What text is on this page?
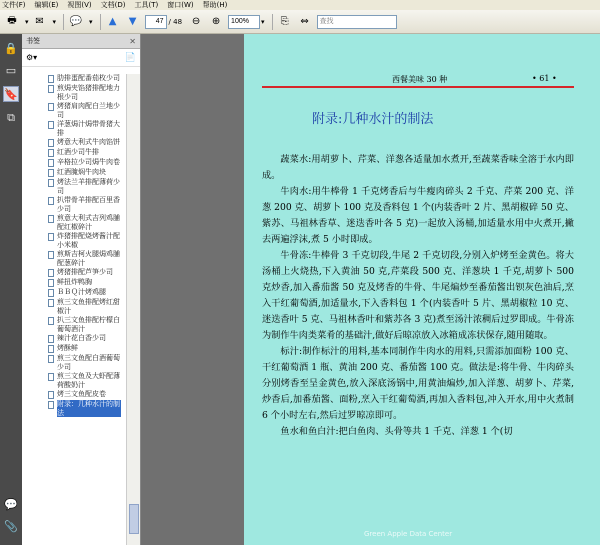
文件(F) 编辑(E) 视图(V) 文档(D) 工具(T) 窗口(W) 帮助(H)
🖶	▾ ✉	▾ 💬 ▾	▲	▼
47	/ 48 ⊖	⊕
100%	▾	⎘	⇔
查找
🔒
▭
🔖
⧉
💬
📎
书签	✕
⚙▾	📄
肋排蛋配番茄枚少司
煎焗夹馅猪排配地力根少司
烤猪肩肉配白兰地少司
洋葱焗汁焗带骨猪大排
烤意大利式牛肉馅饼
红酒少司牛排
辛格拉少司焗牛肉卷
红酒腌焖牛肉块
烤法兰羊排配薄荷少司
扒带骨羊排配百里香少司
煎意大利式吉列鸡脯配红椒碎汁
炸猪排配烧烤酱汁配小米椒
煎斯吉柯火腿焗鸡脯配葱碎汁
烤猪排配芦笋少司
鲜扭炸鸭胸
ＢＢＱ汁烤鸡腿
煎三文鱼排配烤红甜椒汁
扒三文鱼排配柠檬白葡萄酒汁
辣汁花白香少司
烤酥鲜
煎三文鱼配白酒葡萄少司
煎三文鱼及大虾配薄荷酸奶汁
烤三文鱼配皮卷
附录：几种水汁的制法
西餐美味 30 种	• 61 •
附录:几种水汁的制法

蔬菜水:用胡萝卜、芹菜、洋葱各适量加水煮开,至蔬菜香味全溶于水内即成。

牛肉水:用牛棒骨 1 千克烤香后与牛瘦肉碎头 2 千克、芹菜 200 克、洋葱 200 克、胡萝卜 100 克及香料包 1 个(内装香叶 2 片、黑胡椒碎 50 克、紫苏、马祖林香草、迷迭香叶各 5 克)一起放入汤桶,加适量水用中火煮开,撇去两遍浮沫,煮 5 小时即成。

牛骨冻:牛棒骨 3 千克切段,牛尾 2 千克切段,分别入炉烤至金黄色。将大汤桶上火烧热,下入黄油 50 克,芹菜段 500 克、洋葱块 1 千克,胡萝卜 500 克炒香,加入番茄酱 50 克及烤香的牛骨、牛尾煸炒至番茄酱出钡灰色油后,烹入干红葡萄酒,加适量水,下入香料包 1 个(内装香叶 5 片、黑胡椒粒 10 克、迷迭香叶 5 克、马祖林香叶和紫苏各 3 克)煮至汤汁浓稠后过罗即成。牛骨冻为制作牛肉类菜肴的基础汁,做好后晾凉放入冰箱成冻状保存,随用随取。

标汁:制作标汁的用料,基本同制作牛肉水的用料,只需添加面粉 100 克、干红葡萄酒 1 瓶、黄油 200 克、番茄酱 100 克。做法是:将牛骨、牛肉碎头分别烤香至呈金黄色,放入深底汤锅中,用黄油煸炒,加入洋葱、胡萝卜、芹菜,炒香后,加番茄酱、面粉,烹入干红葡萄酒,再加入香料包,冲入开水,用中火煮制 6 个小时左右,然后过罗晾凉即可。

鱼水和鱼白汁:把白鱼肉、头骨等共 1 千克、洋葱 1 个(切

Green Apple Data Center
